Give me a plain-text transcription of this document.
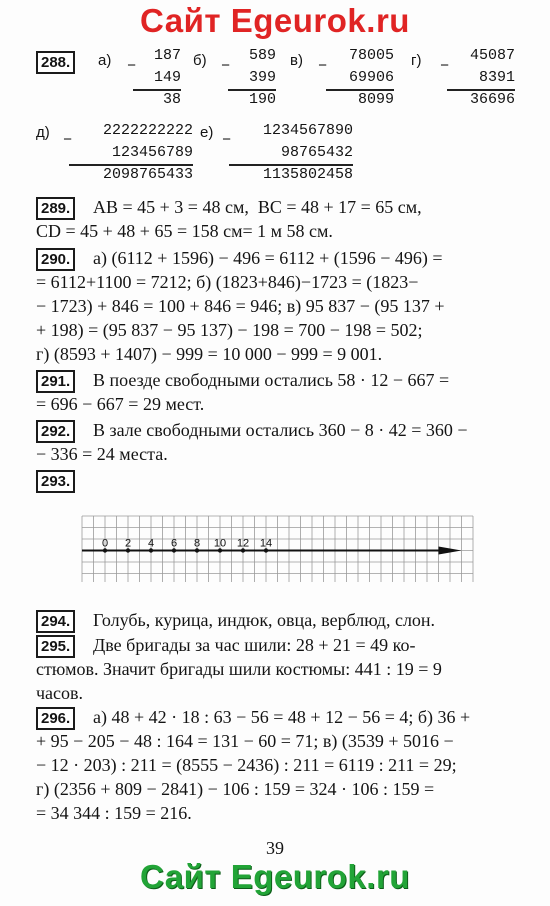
Сайт Egeurok.ru
288.	а) −
187
149
38
б) −
589
399
190
в) −
78005
69906
8099
г) −
45087
8391
36696
д) −
2222222222
123456789
2098765433
е) −
1234567890
98765432
1135802458
289. AB = 45 + 3 = 48 см,  BC = 48 + 17 = 65 см,
CD = 45 + 48 + 65 = 158 см= 1 м 58 см.
290. а) (6112 + 1596) − 496 = 6112 + (1596 − 496) =
= 6112+1100 = 7212; б) (1823+846)−1723 = (1823−
− 1723) + 846 = 100 + 846 = 946; в) 95 837 − (95 137 +
+ 198) = (95 837 − 95 137) − 198 = 700 − 198 = 502;
г) (8593 + 1407) − 999 = 10 000 − 999 = 9 001.
291. В поезде свободными остались 58 · 12 − 667 =
= 696 − 667 = 29 мест.
292. В зале свободными остались 360 − 8 · 42 = 360 −
− 336 = 24 места.
293.
0 2 4 6 8 10 12 14
294. Голубь, курица, индюк, овца, верблюд, слон.
295. Две бригады за час шили: 28 + 21 = 49 ко-
стюмов. Значит бригады шили костюмы: 441 : 19 = 9
часов.
296. а) 48 + 42 · 18 : 63 − 56 = 48 + 12 − 56 = 4; б) 36 +
+ 95 − 205 − 48 : 164 = 131 − 60 = 71; в) (3539 + 5016 −
− 12 · 203) : 211 = (8555 − 2436) : 211 = 6119 : 211 = 29;
г) (2356 + 809 − 2841) − 106 : 159 = 324 · 106 : 159 =
= 34 344 : 159 = 216.
39
Сайт Egeurok.ru
